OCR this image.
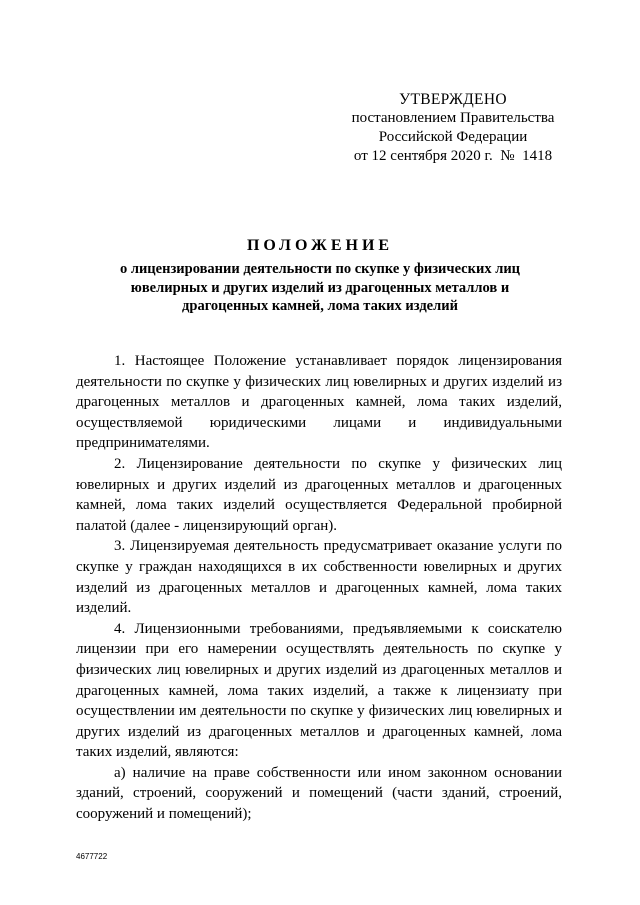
УТВЕРЖДЕНО
постановлением Правительства
Российской Федерации
от 12 сентября 2020 г.  №  1418
ПОЛОЖЕНИЕ
о лицензировании деятельности по скупке у физических лиц ювелирных и других изделий из драгоценных металлов и драгоценных камней, лома таких изделий

1. Настоящее Положение устанавливает порядок лицензирования деятельности по скупке у физических лиц ювелирных и других изделий из драгоценных металлов и драгоценных камней, лома таких изделий, осуществляемой юридическими лицами и индивидуальными предпринимателями.

2. Лицензирование деятельности по скупке у физических лиц ювелирных и других изделий из драгоценных металлов и драгоценных камней, лома таких изделий осуществляется Федеральной пробирной палатой (далее - лицензирующий орган).

3. Лицензируемая деятельность предусматривает оказание услуги по скупке у граждан находящихся в их собственности ювелирных и других изделий из драгоценных металлов и драгоценных камней, лома таких изделий.

4. Лицензионными требованиями, предъявляемыми к соискателю лицензии при его намерении осуществлять деятельность по скупке у физических лиц ювелирных и других изделий из драгоценных металлов и драгоценных камней, лома таких изделий, а также к лицензиату при осуществлении им деятельности по скупке у физических лиц ювелирных и других изделий из драгоценных металлов и драгоценных камней, лома таких изделий, являются:

а) наличие на праве собственности или ином законном основании зданий, строений, сооружений и помещений (части зданий, строений, сооружений и помещений);

4677722
